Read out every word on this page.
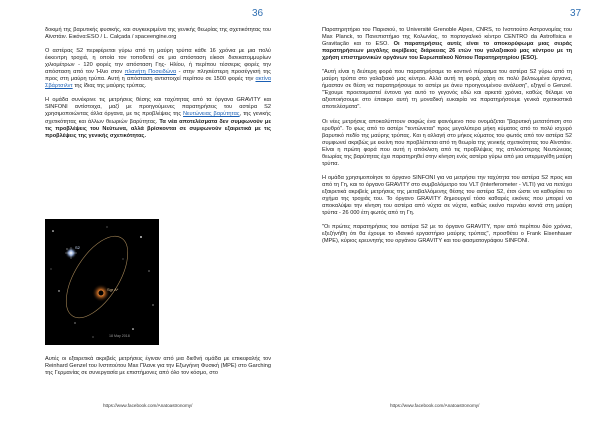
36
δοκιμή της βαρυτικής φυσικής, και συγκεκριμένα της γενικής θεωρίας της σχετικότητας του Αϊνστάιν. Εικόνα:ESO / L. Calçada / spaceengine.org
Ο αστέρας S2 περιφέρεται γύρω από τη μαύρη τρύπα κάθε 16 χρόνια με μια πολύ έκκεντρη τροχιά, η οποία τον τοποθετεί σε μια απόσταση είκοσι δισεκατομμυρίων χιλιομέτρων - 120 φορές την απόσταση Γης- Ηλίου, ή περίπου τέσσερις φορές την απόσταση από τον Ήλιο στον πλανήτη Ποσειδώνα - στην πλησιέστερη προσέγγισή της προς στη μαύρη τρύπα. Αυτή η απόσταση αντιστοιχεί περίπου σε 1500 φορές την ακτίνα Σβάρτσιλντ της ίδιας της μαύρης τρύπας.
Η ομάδα συνέκρινε τις μετρήσεις θέσης και ταχύτητας από τα όργανα GRAVITY και SINFONI αντίστοιχα, μαζί με προηγούμενες παρατηρήσεις του αστέρα S2 χρησιμοποιώντας άλλα όργανα, με τις προβλέψεις της Νευτώνειας βαρύτητας, της γενικής σχετικότητας και άλλων θεωριών βαρύτητας. Τα νέα αποτελέσματα δεν συμφωνούν με τις προβλέψεις του Νεύτωνα, αλλά βρίσκονται σε συμφωνούν εξαιρετικά με τις προβλέψεις της γενικής σχετικότητας.
Sgr A*
S2
18 May 2018
Αυτές οι εξαιρετικά ακριβείς μετρήσεις έγιναν από μια διεθνή ομάδα με επικεφαλής τον Reinhard Genzel του Ινστιτούτου Max Πλανκ για την Εξωγήινη Φυσική (MPE) στο Garching της Γερμανίας σε συνεργασία με επιστήμονες από όλο τον κόσμο, στο
https://www.facebook.com/Anatoastronomy/
37
Παρατηρητήριο του Παρισιού, το Université Grenoble Alpes, CNRS, το Ινστιτούτο Αστρονομίας του Max Planck, το Πανεπιστήμιο της Κολωνίας, το πορτογαλικό κέντρο CENTRO da Astrofísica e Gravitação και το ESO. Οι παρατηρήσεις αυτές είναι το αποκορύφωμα μιας σειράς παρατηρήσεων μεγάλης ακρίβειας διάρκειας 26 ετών του γαλαξιακού μας κέντρου με τη χρήση επιστημονικών οργάνων του Ευρωπαϊκού Νότιου Παρατηρητηρίου (ESO).
"Αυτή είναι η δεύτερη φορά που παρατηρήσαμε το κοντινό πέρασμα του αστέρα S2 γύρω από τη μαύρη τρύπα στο γαλαξιακό μας κέντρο. Αλλά αυτή τη φορά, χάρη σε πολύ βελτιωμένα όργανα, ήμασταν σε θέση να παρατηρήσουμε το αστέρι με άνευ προηγουμένου ανάλυση", εξηγεί ο Genzel. "Έχουμε προετοιμαστεί έντονα για αυτό το γεγονός εδώ και αρκετά χρόνια, καθώς θέλαμε να αξιοποιήσουμε στο έπακρο αυτή τη μοναδική ευκαιρία να παρατηρήσουμε γενικά σχετικιστικά αποτελέσματα".
Οι νέες μετρήσεις αποκαλύπτουν σαφώς ένα φαινόμενο που ονομάζεται "βαρυτική μετατόπιση στο ερυθρό". Το φως από το αστέρι "τεντώνεται" προς μεγαλύτερα μήκη κύματος από το πολύ ισχυρό βαρυτικό πεδίο της μαύρης τρύπας. Και η αλλαγή στο μήκος κύματος του φωτός από τον αστέρα S2 συμφωνεί ακριβώς με εκείνη που προβλέπεται από τη θεωρία της γενικής σχετικότητας του Αϊνστάιν. Είναι η πρώτη φορά που αυτή η απόκλιση από τις προβλέψεις της απλούστερης Νευτώνειας θεωρίας της βαρύτητας έχει παρατηρηθεί στην κίνηση ενός αστέρα γύρω από μια υπερμεγέθη μαύρη τρύπα.
Η ομάδα χρησιμοποίησε το όργανο SINFONI για να μετρήσει την ταχύτητα του αστέρα S2 προς και από τη Γη, και το όργανο GRAVITY στο συμβολόμετρο του VLT (Interferometer - VLTI) για να πετύχει εξαιρετικά ακριβείς μετρήσεις της μεταβαλλόμενης θέσης του αστέρα S2, έτσι ώστε να καθορίσει το σχήμα της τροχιάς του. Το όργανο GRAVITY δημιουργεί τόσο καθαρές εικόνες που μπορεί να αποκαλύψει την κίνηση του αστέρα από νύχτα σε νύχτα, καθώς εκείνο περνάει κοντά στη μαύρη τρύπα - 26 000 έτη φωτός από τη Γη.
"Οι πρώτες παρατηρήσεις του αστέρα S2 με το όργανο GRAVITY, πριν από περίπου δύο χρόνια, εξεζήνήθη ότι θα έχουμε το ιδανικό εργαστήριο μαύρης τρύπας", προσθέτει ο Frank Eisenhauer (MPE), κύριος ερευνητής του οργάνου GRAVITY και του φασματογράφου SINFONI.
https://www.facebook.com/Anatoastronomy/
